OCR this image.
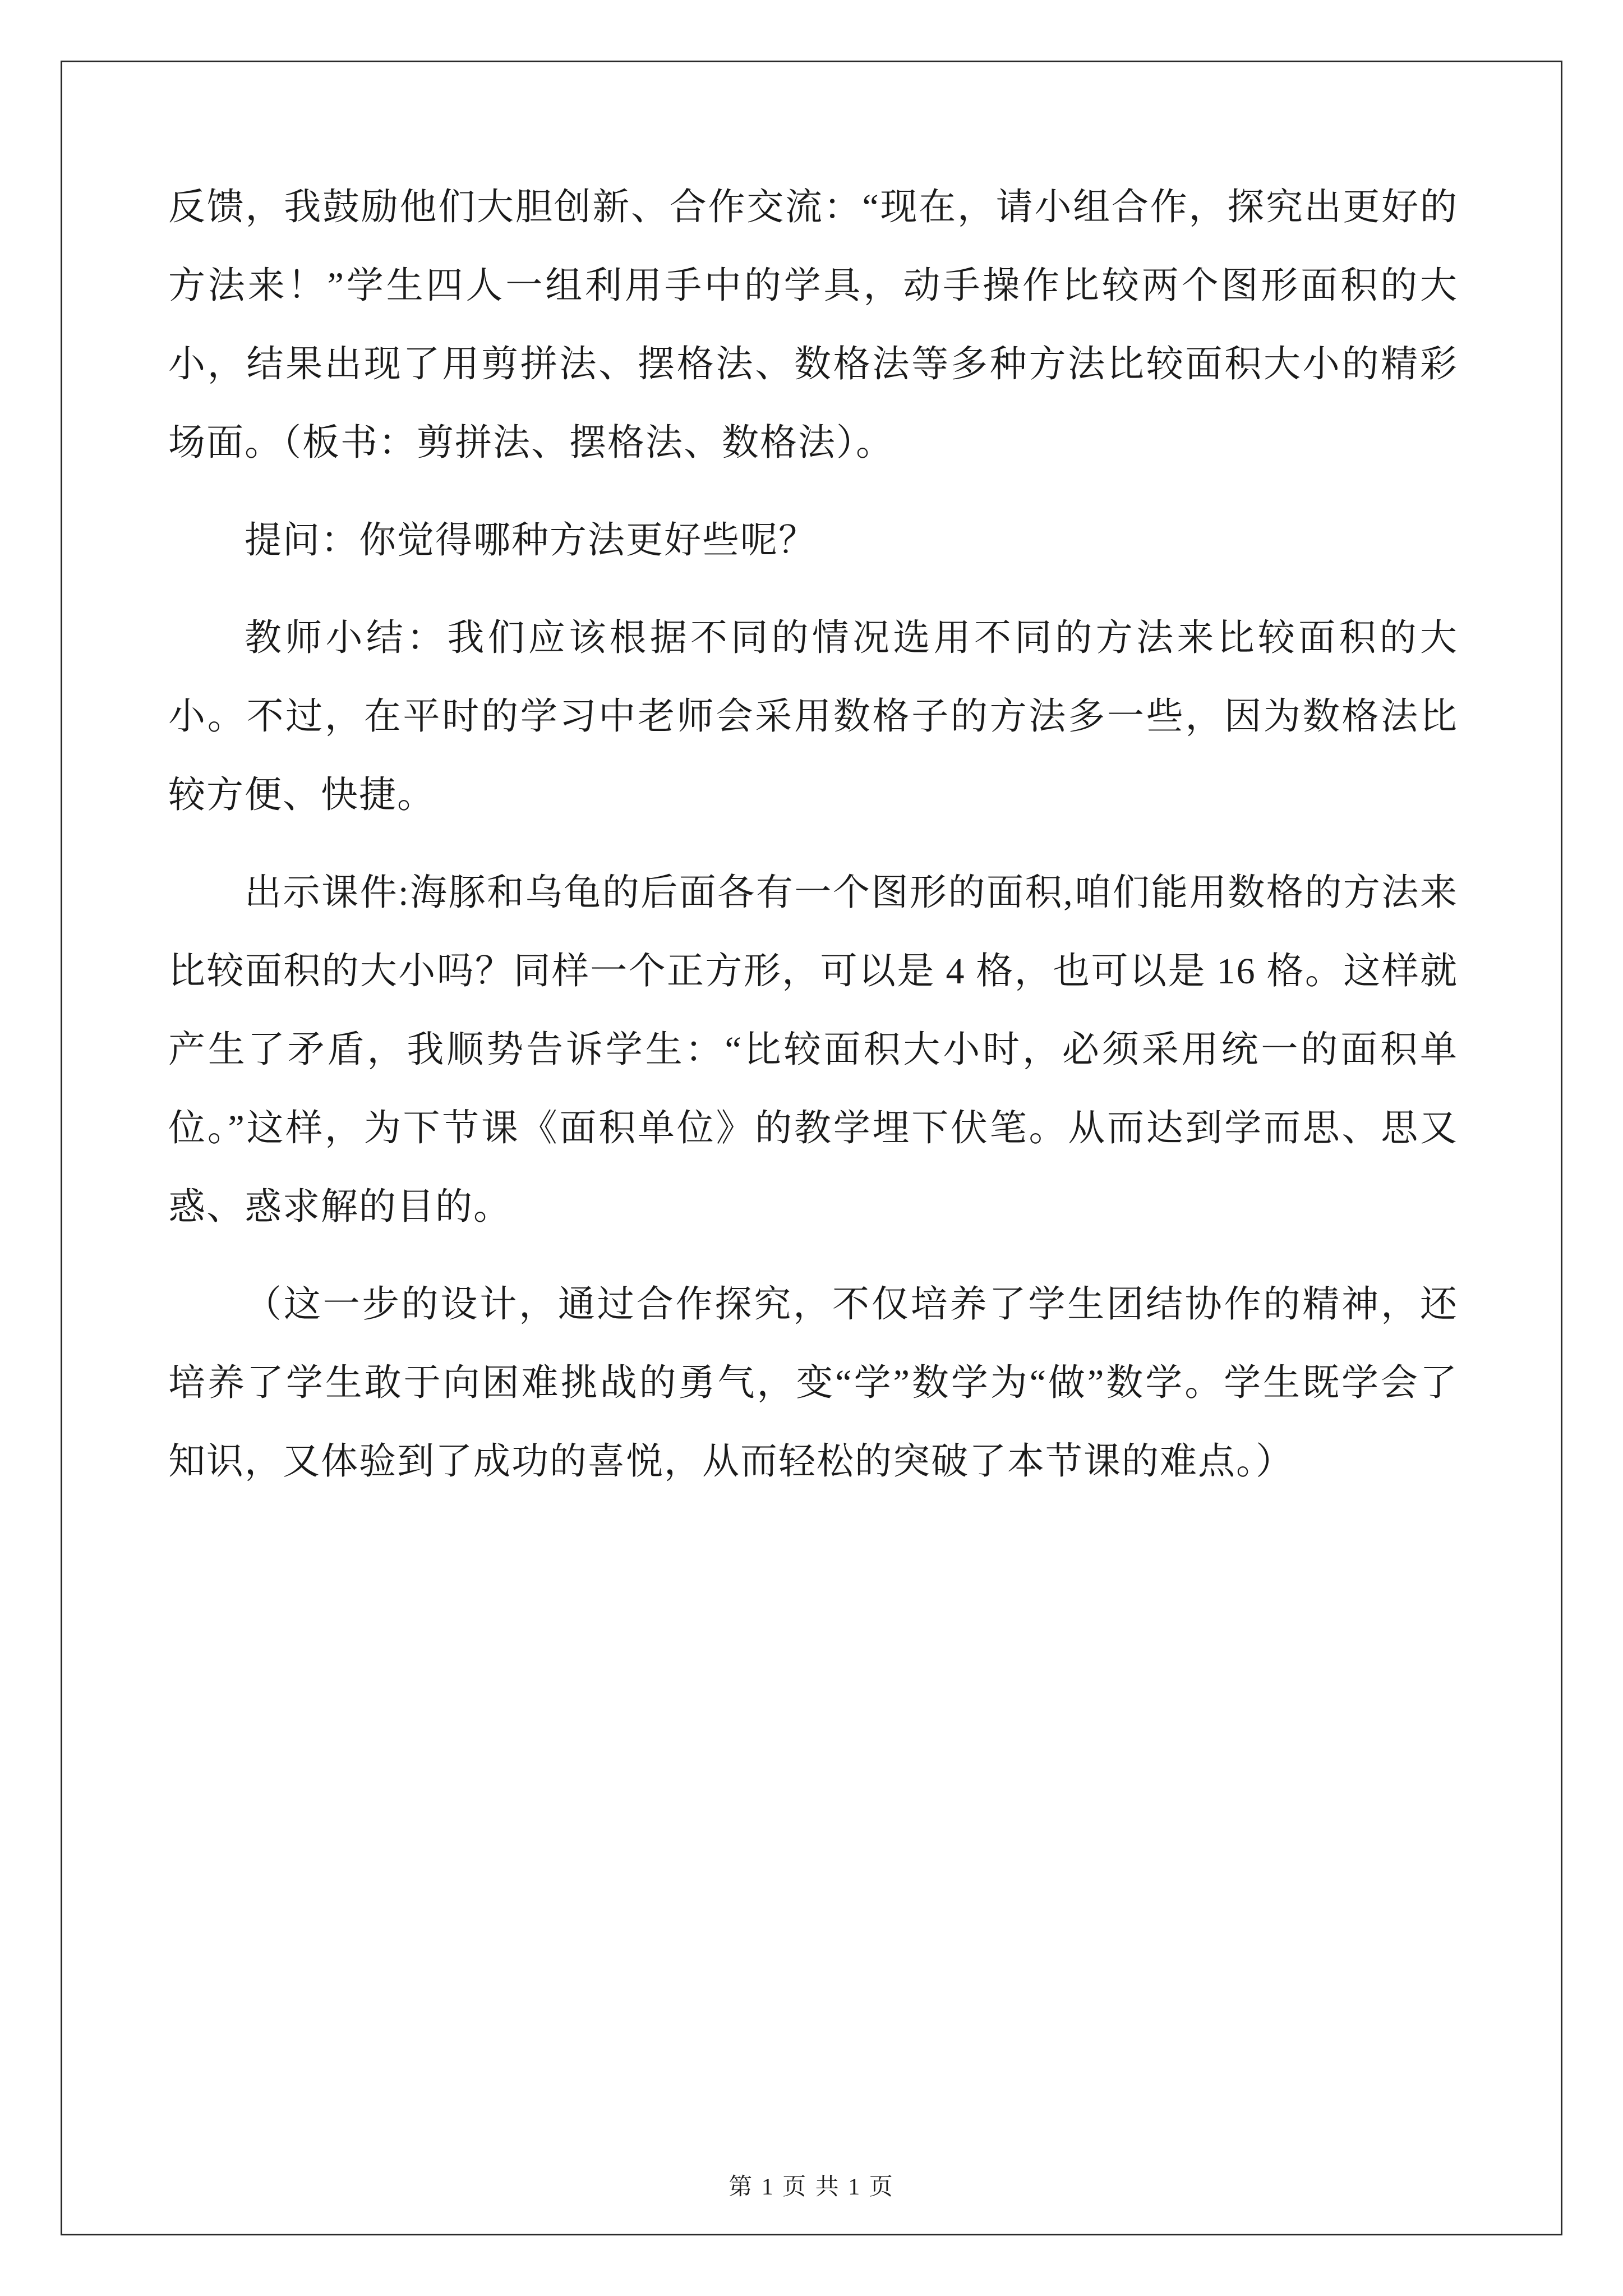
反馈，我鼓励他们大胆创新、合作交流：“现在，请小组合作，探究出更好的方法来！”学生四人一组利用手中的学具，动手操作比较两个图形面积的大小，结果出现了用剪拼法、摆格法、数格法等多种方法比较面积大小的精彩场面。（板书：剪拼法、摆格法、数格法）。

提问：你觉得哪种方法更好些呢？

教师小结：我们应该根据不同的情况选用不同的方法来比较面积的大小。不过，在平时的学习中老师会采用数格子的方法多一些，因为数格法比较方便、快捷。

出示课件:海豚和乌龟的后面各有一个图形的面积,咱们能用数格的方法来比较面积的大小吗？同样一个正方形，可以是 4 格，也可以是 16 格。这样就产生了矛盾，我顺势告诉学生：“比较面积大小时，必须采用统一的面积单位。”这样，为下节课《面积单位》的教学埋下伏笔。从而达到学而思、思又惑、惑求解的目的。

（这一步的设计，通过合作探究，不仅培养了学生团结协作的精神，还培养了学生敢于向困难挑战的勇气，变“学”数学为“做”数学。学生既学会了知识，又体验到了成功的喜悦，从而轻松的突破了本节课的难点。）

第 1 页 共 1 页
